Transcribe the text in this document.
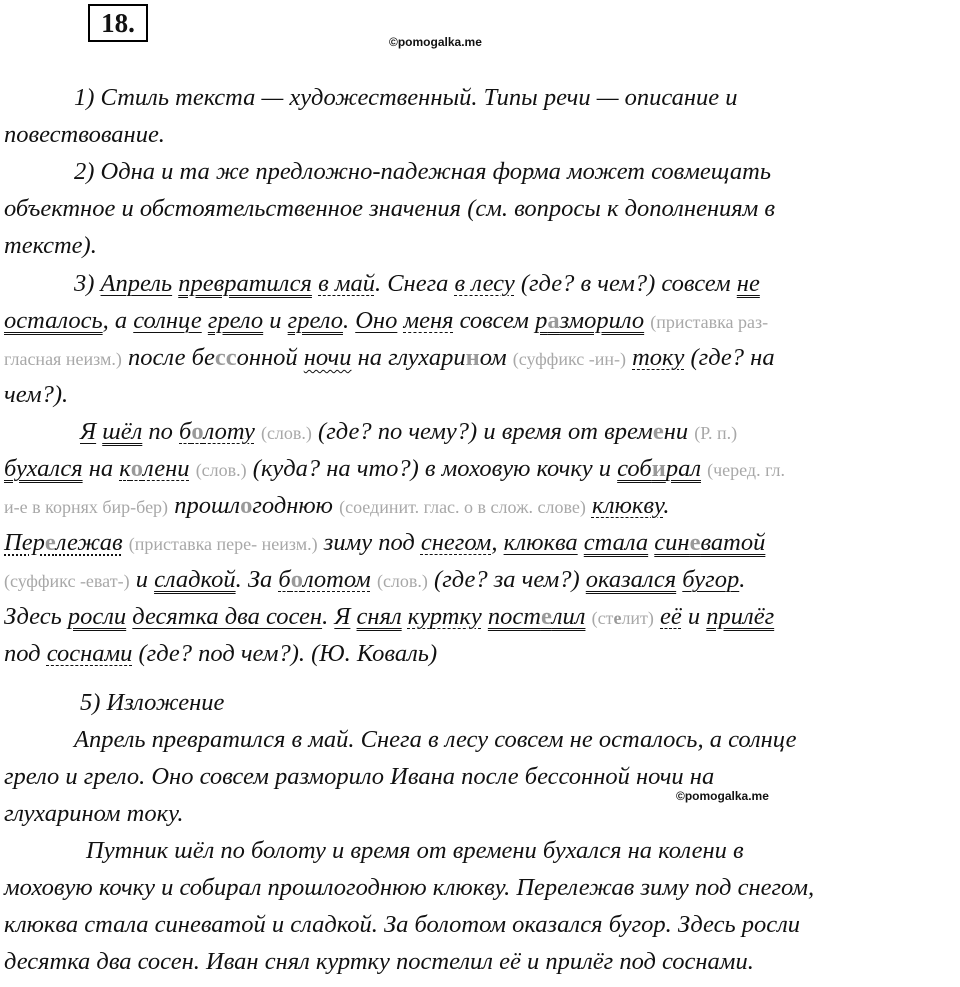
18.
©pomogalka.me
©pomogalka.me
1) Стиль текста — художественный. Типы речи — описание и
повествование.
2) Одна и та же предложно-падежная форма может совмещать
объектное и обстоятельственное значения (см. вопросы к дополнениям в
тексте).
3) Апрель превратился в май. Снега в лесу (где? в чем?) совсем не
осталось, а солнце грело и грело. Оно меня совсем разморило (приставка раз-
гласная неизм.) после бессонной ночи на глухарином (суффикс -ин-) току (где? на
чем?).
Я шёл по болоту (слов.) (где? по чему?) и время от времени (Р. п.)
бухался на колени (слов.) (куда? на что?) в моховую кочку и собирал (черед. гл.
и-е в корнях бир-бер) прошлогоднюю (соединит. глас. о в слож. слове) клюкву.
Перележав (приставка пере- неизм.) зиму под снегом, клюква стала синеватой
(суффикс -еват-) и сладкой. За болотом (слов.) (где? за чем?) оказался бугор.
Здесь росли десятка два сосен. Я снял куртку постелил (стелит) её и прилёг
под соснами (где? под чем?). (Ю. Коваль)
5) Изложение
Апрель превратился в май. Снега в лесу совсем не осталось, а солнце
грело и грело. Оно совсем разморило Ивана после бессонной ночи на
глухарином току.
Путник шёл по болоту и время от времени бухался на колени в
моховую кочку и собирал прошлогоднюю клюкву. Перележав зиму под снегом,
клюква стала синеватой и сладкой. За болотом оказался бугор. Здесь росли
десятка два сосен. Иван снял куртку постелил её и прилёг под соснами.
